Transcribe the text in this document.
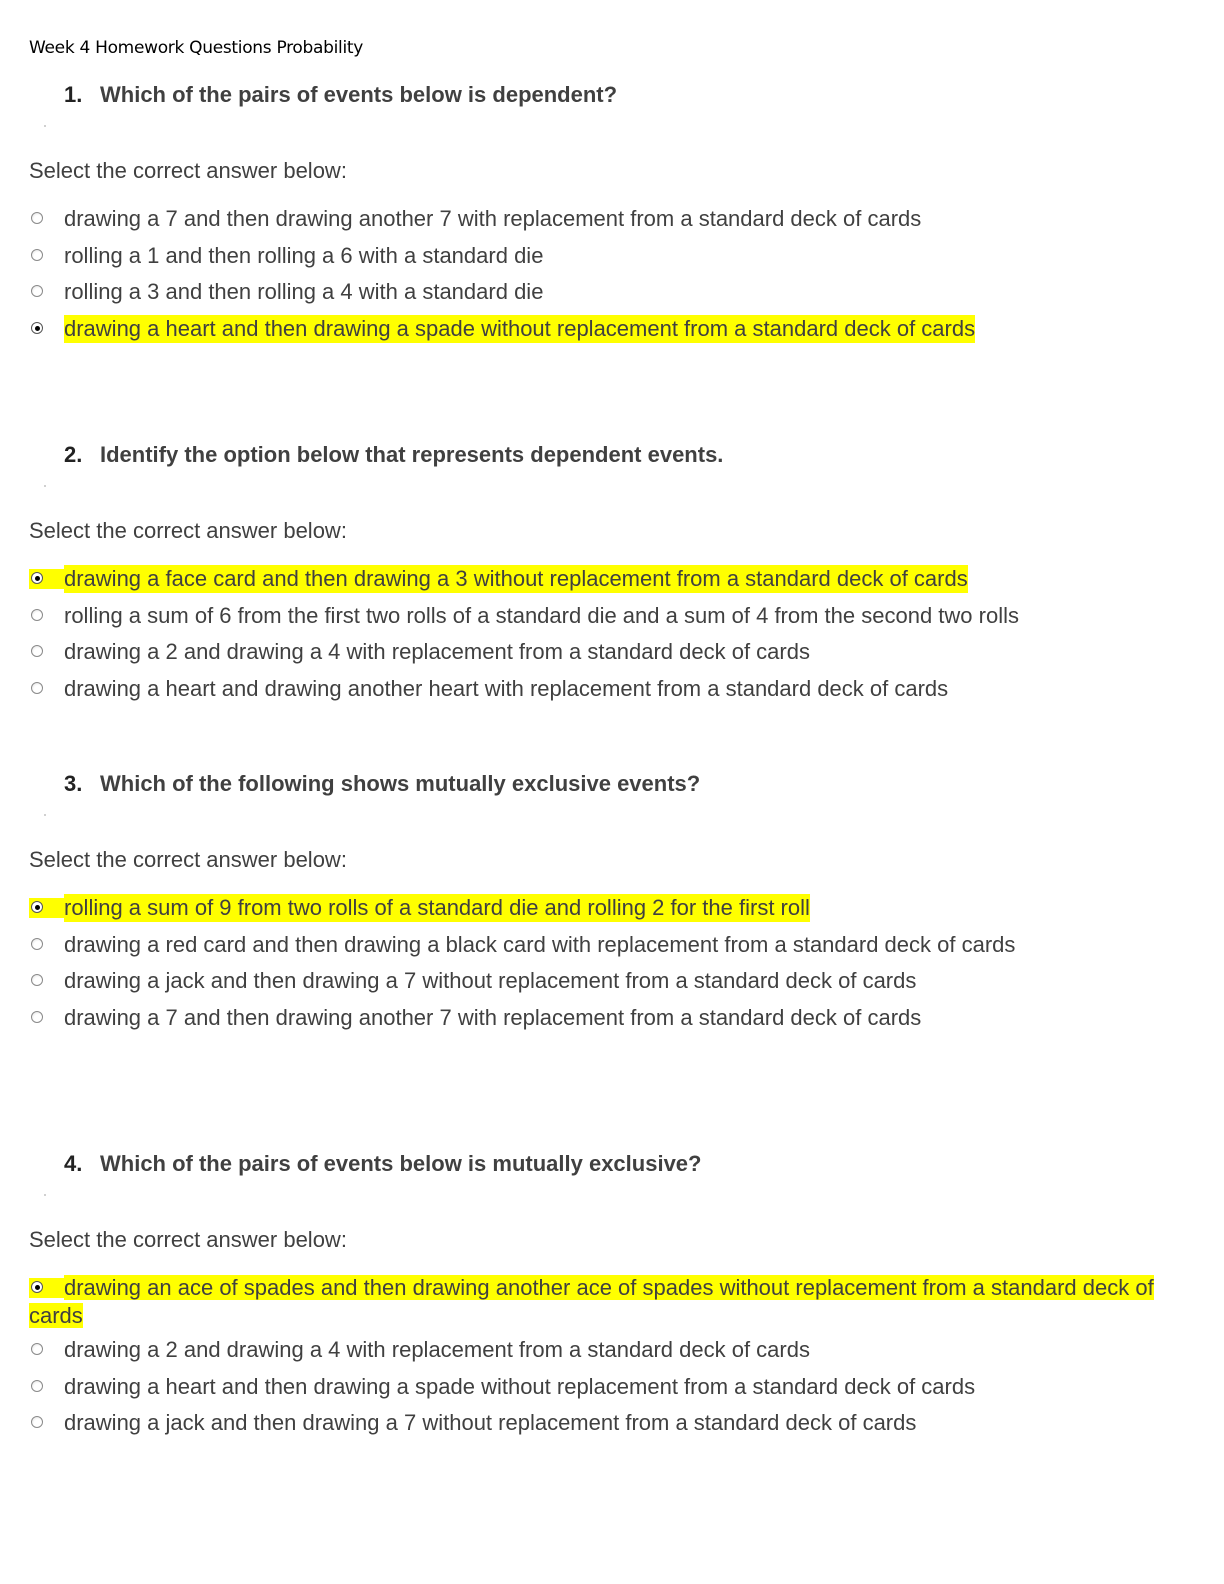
Week 4 Homework Questions Probability
1. Which of the pairs of events below is dependent?
Select the correct answer below:
drawing a 7 and then drawing another 7 with replacement from a standard deck of cards
rolling a 1 and then rolling a 6 with a standard die
rolling a 3 and then rolling a 4 with a standard die
drawing a heart and then drawing a spade without replacement from a standard deck of cards
2. Identify the option below that represents dependent events.
Select the correct answer below:
drawing a face card and then drawing a 3 without replacement from a standard deck of cards
rolling a sum of 6 from the first two rolls of a standard die and a sum of 4 from the second two rolls
drawing a 2 and drawing a 4 with replacement from a standard deck of cards
drawing a heart and drawing another heart with replacement from a standard deck of cards
3. Which of the following shows mutually exclusive events?
Select the correct answer below:
rolling a sum of 9 from two rolls of a standard die and rolling 2 for the first roll
drawing a red card and then drawing a black card with replacement from a standard deck of cards
drawing a jack and then drawing a 7 without replacement from a standard deck of cards
drawing a 7 and then drawing another 7 with replacement from a standard deck of cards
4. Which of the pairs of events below is mutually exclusive?
Select the correct answer below:
drawing an ace of spades and then drawing another ace of spades without replacement from a standard deck of cards
drawing a 2 and drawing a 4 with replacement from a standard deck of cards
drawing a heart and then drawing a spade without replacement from a standard deck of cards
drawing a jack and then drawing a 7 without replacement from a standard deck of cards
